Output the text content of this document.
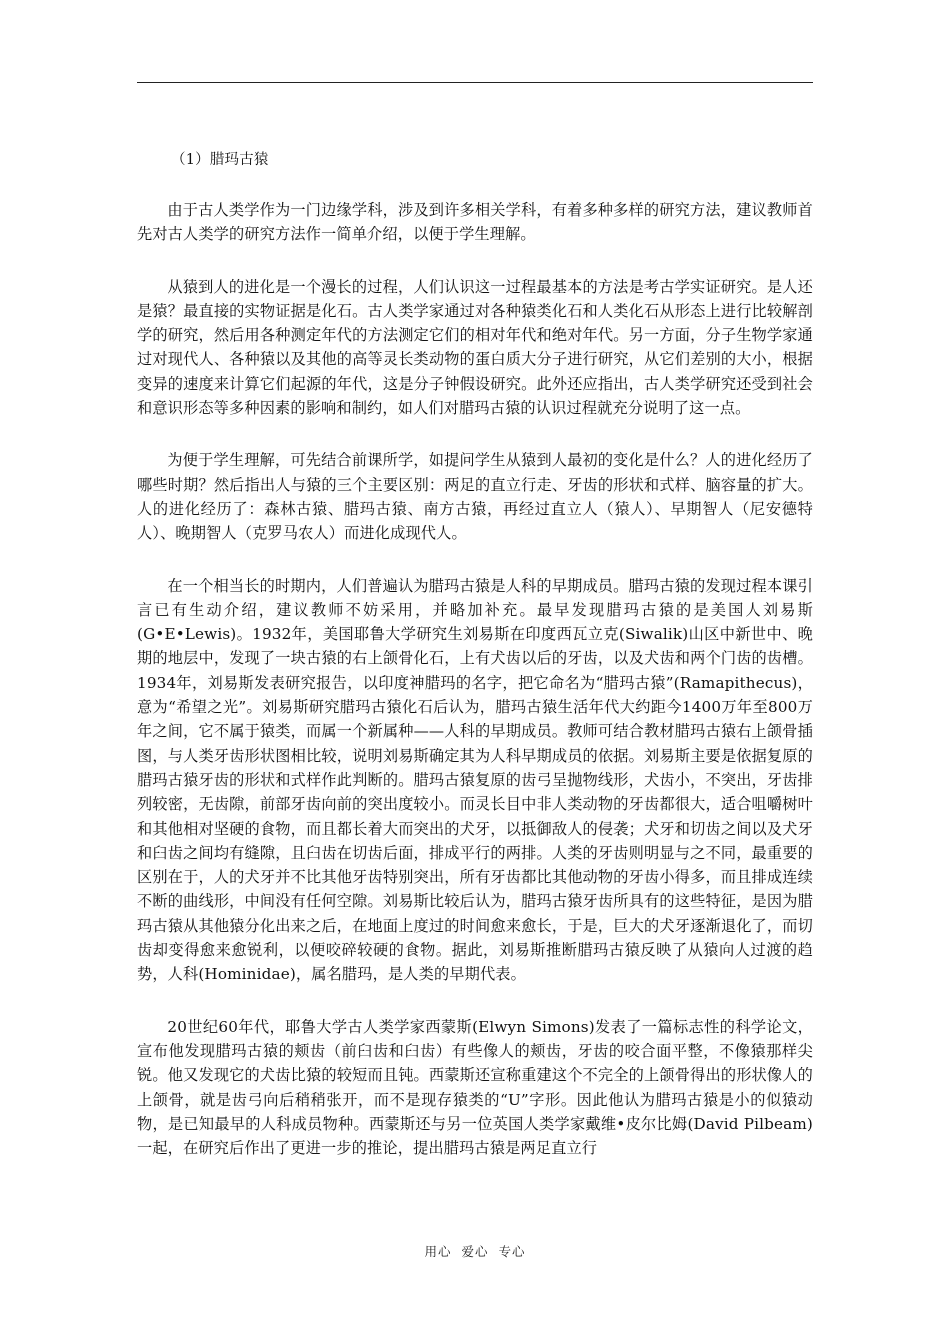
（1）腊玛古猿

由于古人类学作为一门边缘学科，涉及到许多相关学科，有着多种多样的研究方法，建议教师首先对古人类学的研究方法作一简单介绍，以便于学生理解。

从猿到人的进化是一个漫长的过程，人们认识这一过程最基本的方法是考古学实证研究。是人还是猿？最直接的实物证据是化石。古人类学家通过对各种猿类化石和人类化石从形态上进行比较解剖学的研究，然后用各种测定年代的方法测定它们的相对年代和绝对年代。另一方面，分子生物学家通过对现代人、各种猿以及其他的高等灵长类动物的蛋白质大分子进行研究，从它们差别的大小，根据变异的速度来计算它们起源的年代，这是分子钟假设研究。此外还应指出，古人类学研究还受到社会和意识形态等多种因素的影响和制约，如人们对腊玛古猿的认识过程就充分说明了这一点。

为便于学生理解，可先结合前课所学，如提问学生从猿到人最初的变化是什么？人的进化经历了哪些时期？然后指出人与猿的三个主要区别：两足的直立行走、牙齿的形状和式样、脑容量的扩大。人的进化经历了：森林古猿、腊玛古猿、南方古猿，再经过直立人（猿人）、早期智人（尼安德特人）、晚期智人（克罗马农人）而进化成现代人。

在一个相当长的时期内，人们普遍认为腊玛古猿是人科的早期成员。腊玛古猿的发现过程本课引言已有生动介绍，建议教师不妨采用，并略加补充。最早发现腊玛古猿的是美国人刘易斯(G•E•Lewis)。1932年，美国耶鲁大学研究生刘易斯在印度西瓦立克(Siwalik)山区中新世中、晚期的地层中，发现了一块古猿的右上颌骨化石，上有犬齿以后的牙齿，以及犬齿和两个门齿的齿槽。1934年，刘易斯发表研究报告，以印度神腊玛的名字，把它命名为“腊玛古猿”(Ramapithecus)，意为“希望之光”。刘易斯研究腊玛古猿化石后认为，腊玛古猿生活年代大约距今1400万年至800万年之间，它不属于猿类，而属一个新属种——人科的早期成员。教师可结合教材腊玛古猿右上颌骨插图，与人类牙齿形状图相比较，说明刘易斯确定其为人科早期成员的依据。刘易斯主要是依据复原的腊玛古猿牙齿的形状和式样作此判断的。腊玛古猿复原的齿弓呈抛物线形，犬齿小，不突出，牙齿排列较密，无齿隙，前部牙齿向前的突出度较小。而灵长目中非人类动物的牙齿都很大，适合咀嚼树叶和其他相对坚硬的食物，而且都长着大而突出的犬牙，以抵御敌人的侵袭；犬牙和切齿之间以及犬牙和臼齿之间均有缝隙，且臼齿在切齿后面，排成平行的两排。人类的牙齿则明显与之不同，最重要的区别在于，人的犬牙并不比其他牙齿特别突出，所有牙齿都比其他动物的牙齿小得多，而且排成连续不断的曲线形，中间没有任何空隙。刘易斯比较后认为，腊玛古猿牙齿所具有的这些特征，是因为腊玛古猿从其他猿分化出来之后，在地面上度过的时间愈来愈长，于是，巨大的犬牙逐渐退化了，而切齿却变得愈来愈锐利，以便咬碎较硬的食物。据此，刘易斯推断腊玛古猿反映了从猿向人过渡的趋势，人科(Hominidae)，属名腊玛，是人类的早期代表。

20世纪60年代，耶鲁大学古人类学家西蒙斯(Elwyn Simons)发表了一篇标志性的科学论文，宣布他发现腊玛古猿的颊齿（前臼齿和臼齿）有些像人的颊齿，牙齿的咬合面平整，不像猿那样尖锐。他又发现它的犬齿比猿的较短而且钝。西蒙斯还宣称重建这个不完全的上颌骨得出的形状像人的上颌骨，就是齿弓向后稍稍张开，而不是现存猿类的“U”字形。因此他认为腊玛古猿是小的似猿动物，是已知最早的人科成员物种。西蒙斯还与另一位英国人类学家戴维•皮尔比姆(David Pilbeam)一起，在研究后作出了更进一步的推论，提出腊玛古猿是两足直立行

用心  爱心  专心
